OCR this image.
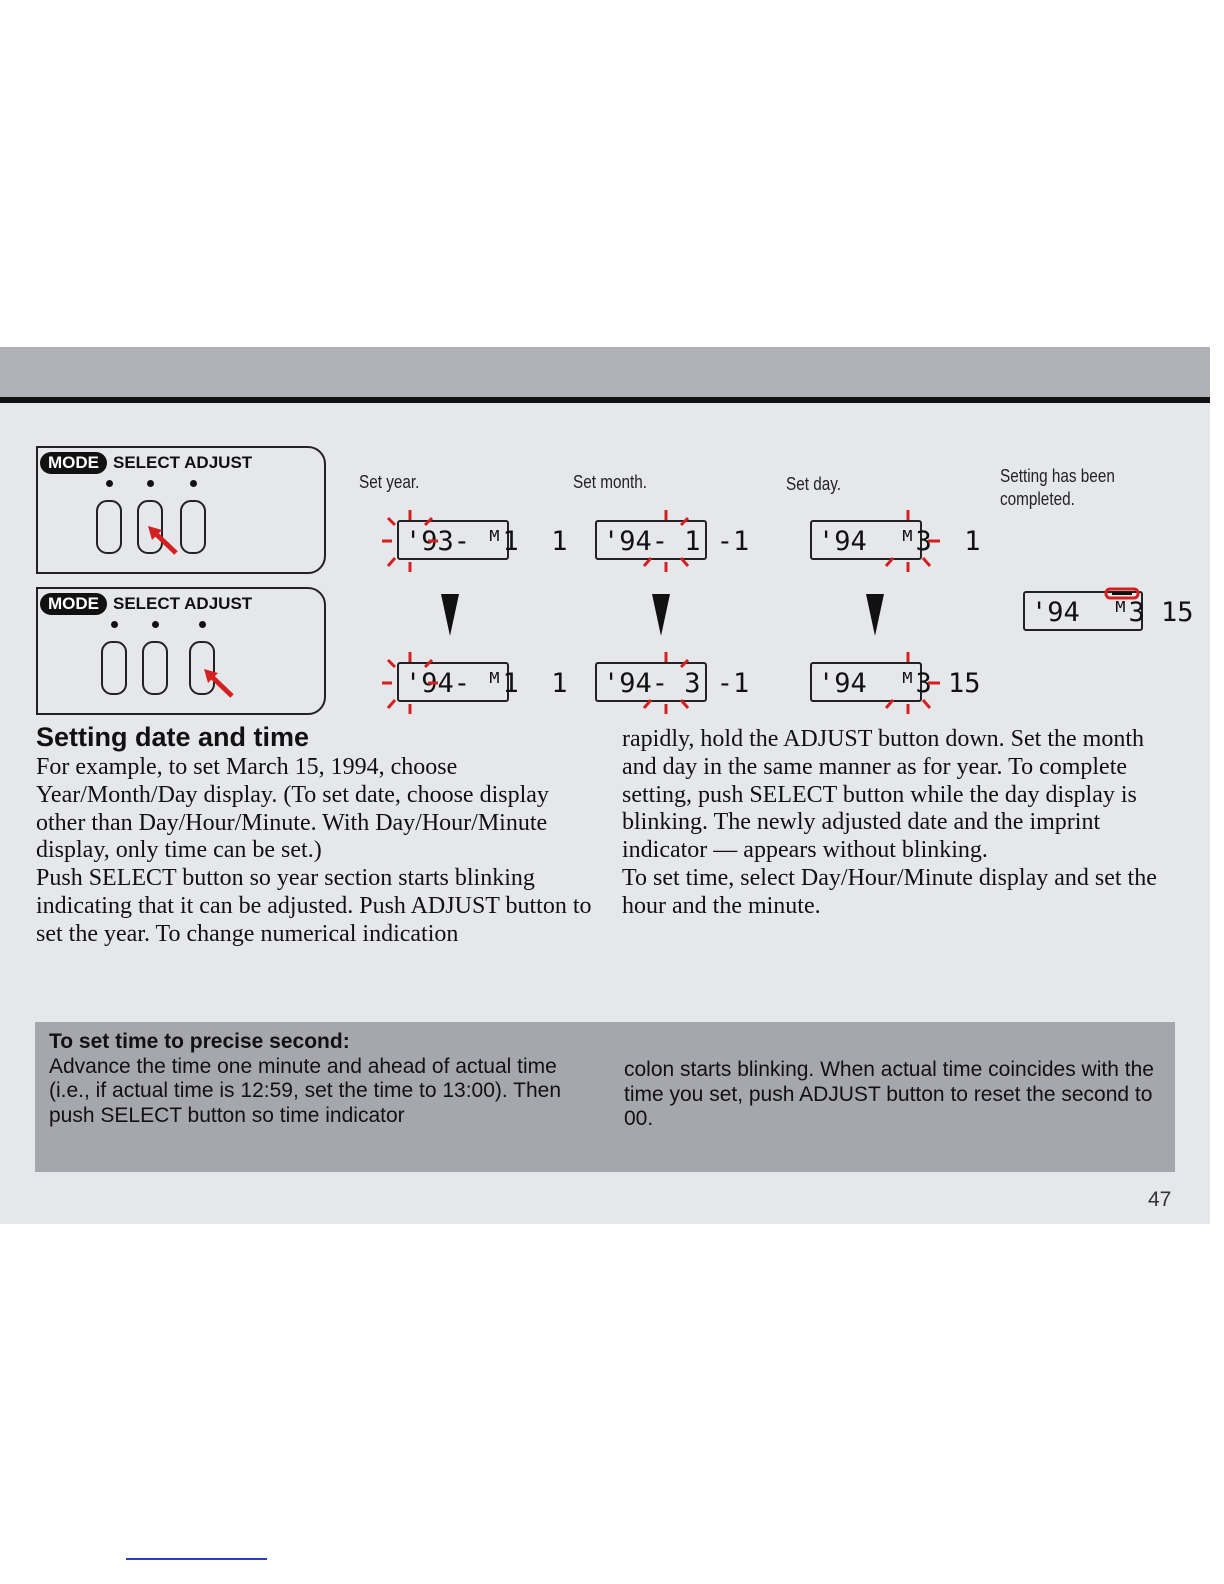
MODE SELECT ADJUST
MODE SELECT ADJUST
Set year.	Set month.	Set day.	Setting has been completed.
'93- ᴹ1  1
'94- ᴹ1  1
'94- 1 -1
'94- 3 -1
'94  ᴹ3  1
'94  ᴹ3 15
'94  ᴹ3 15
Setting date and time

For example, to set March 15, 1994, choose Year/Month/Day display. (To set date, choose display other than Day/Hour/Minute. With Day/Hour/Minute display, only time can be set.)

Push SELECT button so year section starts blinking indicating that it can be adjusted. Push ADJUST button to set the year. To change numerical indication

rapidly, hold the ADJUST button down. Set the month and day in the same manner as for year. To complete setting, push SELECT button while the day display is blinking. The newly adjusted date and the imprint indicator — appears without blinking.

To set time, select Day/Hour/Minute display and set the hour and the minute.

To set time to precise second:

Advance the time one minute and ahead of actual time (i.e., if actual time is 12:59, set the time to 13:00). Then push SELECT button so time indicator

colon starts blinking. When actual time coincides with the time you set, push ADJUST button to reset the second to 00.

47
